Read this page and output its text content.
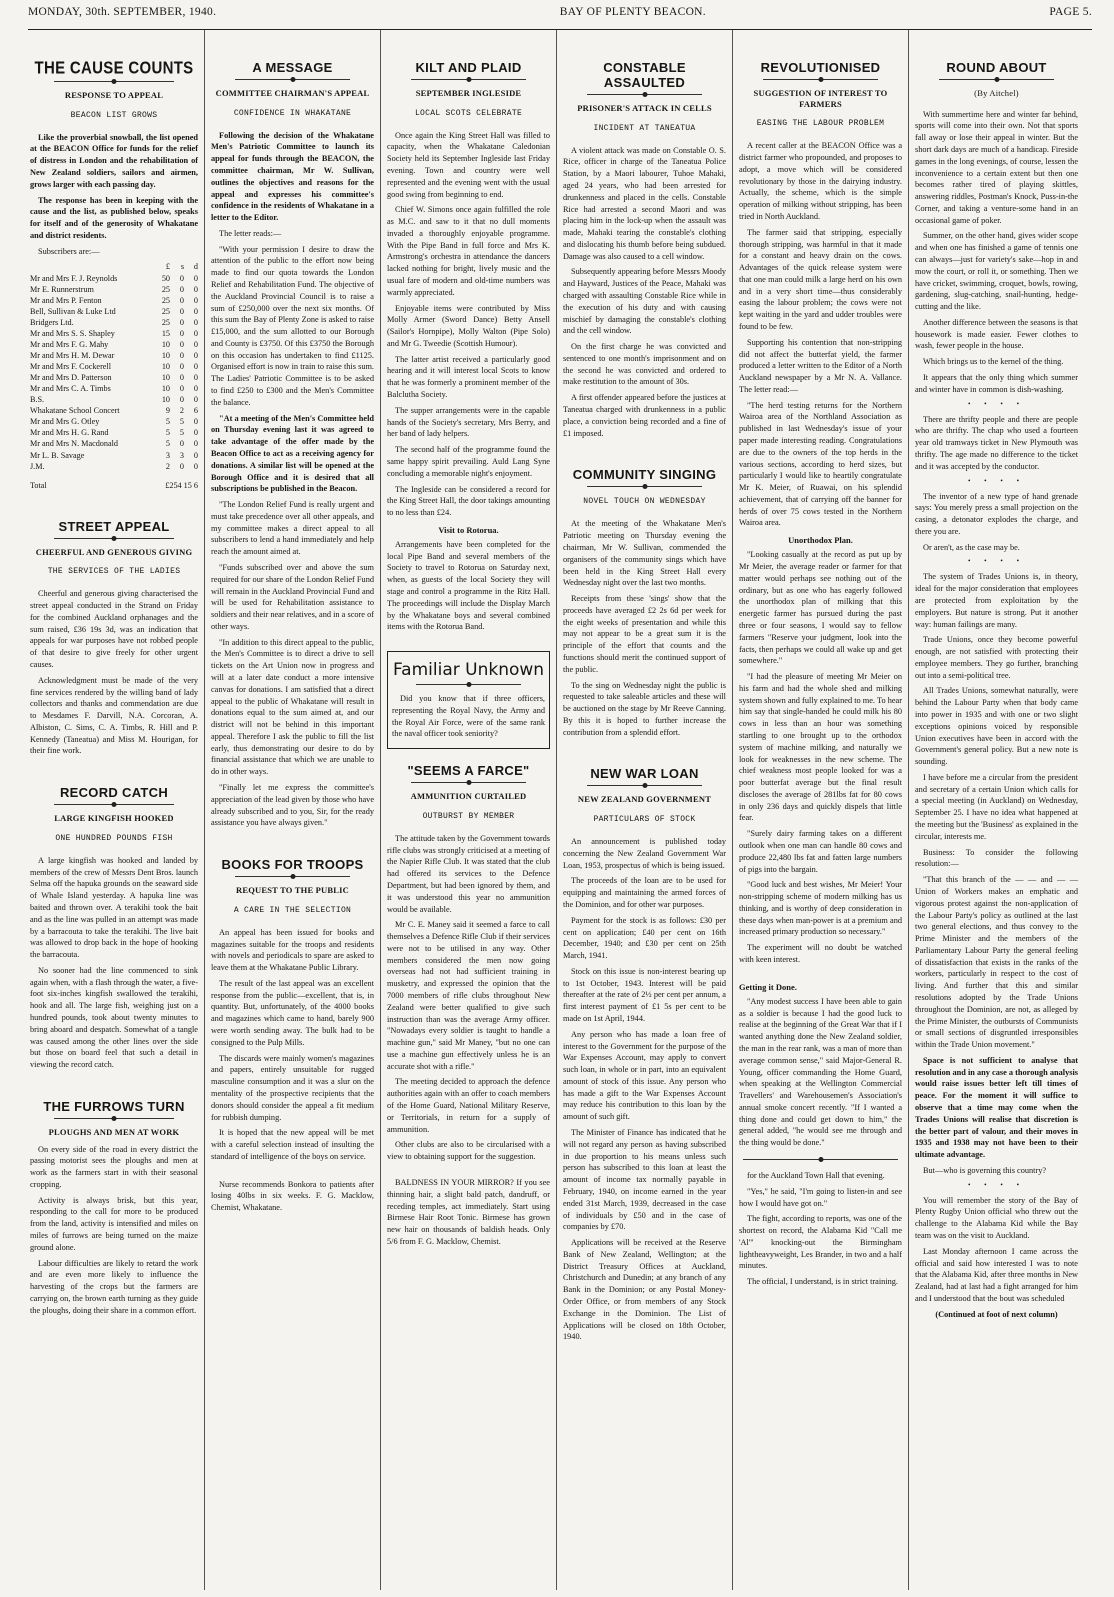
MONDAY, 30th. SEPTEMBER, 1940.	BAY OF PLENTY BEACON.	PAGE 5.
THE CAUSE COUNTS
RESPONSE TO APPEAL
BEACON LIST GROWS

Like the proverbial snowball, the list opened at the BEACON Office for funds for the relief of distress in London and the rehabilitation of New Zealand soldiers, sailors and airmen, grows larger with each passing day.

The response has been in keeping with the cause and the list, as published below, speaks for itself and of the generosity of Whakatane and district residents.

Subscribers are:—

	£	s	d
Mr and Mrs F. J. Reynolds	50	0	0
Mr E. Runnerstrum	25	0	0
Mr and Mrs P. Fenton	25	0	0
Bell, Sullivan & Luke Ltd	25	0	0
Bridgers Ltd.	25	0	0
Mr and Mrs S. S. Shapley	15	0	0
Mr and Mrs F. G. Mahy	10	0	0
Mr and Mrs H. M. Dewar	10	0	0
Mr and Mrs F. Cockerell	10	0	0
Mr and Mrs D. Patterson	10	0	0
Mr and Mrs C. A. Timbs	10	0	0
B.S.	10	0	0
Whakatane School Concert	9	2	6
Mr and Mrs G. Otley	5	5	0
Mr and Mrs H. G. Rand	5	5	0
Mr and Mrs N. Macdonald	5	0	0
Mr L. B. Savage	3	3	0
J.M.	2	0	0
Total	£254 15 6		
STREET APPEAL
CHEERFUL AND GENEROUS GIVING
THE SERVICES OF THE LADIES

Cheerful and generous giving characterised the street appeal conducted in the Strand on Friday for the combined Auckland orphanages and the sum raised, £36 19s 3d, was an indication that appeals for war purposes have not robbed people of that desire to give freely for other urgent causes.

Acknowledgment must be made of the very fine services rendered by the willing band of lady collectors and thanks and commendation are due to Mesdames F. Darvill, N.A. Corcoran, A. Albiston, C. Sims, C. A. Timbs, R. Hill and P. Kennedy (Taneatua) and Miss M. Hourigan, for their fine work.

RECORD CATCH
LARGE KINGFISH HOOKED
ONE HUNDRED POUNDS FISH

A large kingfish was hooked and landed by members of the crew of Messrs Dent Bros. launch Selma off the hapuka grounds on the seaward side of Whale Island yesterday. A hapuka line was baited and thrown over. A terakihi took the bait and as the line was pulled in an attempt was made by a barracouta to take the terakihi. The live bait was allowed to drop back in the hope of hooking the barracouta.

No sooner had the line commenced to sink again when, with a flash through the water, a five-foot six-inches kingfish swallowed the terakihi, hook and all. The large fish, weighing just on a hundred pounds, took about twenty minutes to bring aboard and despatch. Somewhat of a tangle was caused among the other lines over the side but those on board feel that such a detail in viewing the record catch.

THE FURROWS TURN
PLOUGHS AND MEN AT WORK

On every side of the road in every district the passing motorist sees the ploughs and men at work as the farmers start in with their seasonal cropping.

Activity is always brisk, but this year, responding to the call for more to be produced from the land, activity is intensified and miles on miles of furrows are being turned on the maize ground alone.

Labour difficulties are likely to retard the work and are even more likely to influence the harvesting of the crops but the farmers are carrying on, the brown earth turning as they guide the ploughs, doing their share in a common effort.

A MESSAGE
COMMITTEE CHAIRMAN'S APPEAL
CONFIDENCE IN WHAKATANE

Following the decision of the Whakatane Men's Patriotic Committee to launch its appeal for funds through the BEACON, the committee chairman, Mr W. Sullivan, outlines the objectives and reasons for the appeal and expresses his committee's confidence in the residents of Whakatane in a letter to the Editor.

The letter reads:—

"With your permission I desire to draw the attention of the public to the effort now being made to find our quota towards the London Relief and Rehabilitation Fund. The objective of the Auckland Provincial Council is to raise a sum of £250,000 over the next six months. Of this sum the Bay of Plenty Zone is asked to raise £15,000, and the sum allotted to our Borough and County is £3750. Of this £3750 the Borough on this occasion has undertaken to find £1125. Organised effort is now in train to raise this sum. The Ladies' Patriotic Committee is to be asked to find £250 to £300 and the Men's Committee the balance.

"At a meeting of the Men's Committee held on Thursday evening last it was agreed to take advantage of the offer made by the Beacon Office to act as a receiving agency for donations. A similar list will be opened at the Borough Office and it is desired that all subscriptions be published in the Beacon.

"The London Relief Fund is really urgent and must take precedence over all other appeals, and my committee makes a direct appeal to all subscribers to lend a hand immediately and help reach the amount aimed at.

"Funds subscribed over and above the sum required for our share of the London Relief Fund will remain in the Auckland Provincial Fund and will be used for Rehabilitation assistance to soldiers and their near relatives, and in a score of other ways.

"In addition to this direct appeal to the public, the Men's Committee is to direct a drive to sell tickets on the Art Union now in progress and will at a later date conduct a more intensive canvas for donations. I am satisfied that a direct appeal to the public of Whakatane will result in donations equal to the sum aimed at, and our district will not be behind in this important appeal. Therefore I ask the public to fill the list early, thus demonstrating our desire to do by financial assistance that which we are unable to do in other ways.

"Finally let me express the committee's appreciation of the lead given by those who have already subscribed and to you, Sir, for the ready assistance you have always given."

BOOKS FOR TROOPS
REQUEST TO THE PUBLIC
A CARE IN THE SELECTION

An appeal has been issued for books and magazines suitable for the troops and residents with novels and periodicals to spare are asked to leave them at the Whakatane Public Library.

The result of the last appeal was an excellent response from the public—excellent, that is, in quantity. But, unfortunately, of the 4000 books and magazines which came to hand, barely 900 were worth sending away. The bulk had to be consigned to the Pulp Mills.

The discards were mainly women's magazines and papers, entirely unsuitable for rugged masculine consumption and it was a slur on the mentality of the prospective recipients that the donors should consider the appeal a fit medium for rubbish dumping.

It is hoped that the new appeal will be met with a careful selection instead of insulting the standard of intelligence of the boys on service.

Nurse recommends Bonkora to patients after losing 40lbs in six weeks. F. G. Macklow, Chemist, Whakatane.

KILT AND PLAID
SEPTEMBER INGLESIDE
LOCAL SCOTS CELEBRATE

Once again the King Street Hall was filled to capacity, when the Whakatane Caledonian Society held its September Ingleside last Friday evening. Town and country were well represented and the evening went with the usual good swing from beginning to end.

Chief W. Simons once again fulfilled the role as M.C. and saw to it that no dull moments invaded a thoroughly enjoyable programme. With the Pipe Band in full force and Mrs K. Armstrong's orchestra in attendance the dancers lacked nothing for bright, lively music and the usual fare of modern and old-time numbers was warmly appreciated.

Enjoyable items were contributed by Miss Molly Armer (Sword Dance) Betty Ansell (Sailor's Hornpipe), Molly Walton (Pipe Solo) and Mr G. Tweedie (Scottish Humour).

The latter artist received a particularly good hearing and it will interest local Scots to know that he was formerly a prominent member of the Balclutha Society.

The supper arrangements were in the capable hands of the Society's secretary, Mrs Berry, and her band of lady helpers.

The second half of the programme found the same happy spirit prevailing. Auld Lang Syne concluding a memorable night's enjoyment.

The Ingleside can be considered a record for the King Street Hall, the door takings amounting to no less than £24.

Visit to Rotorua.

Arrangements have been completed for the local Pipe Band and several members of the Society to travel to Rotorua on Saturday next, when, as guests of the local Society they will stage and control a programme in the Ritz Hall. The proceedings will include the Display March by the Whakatane boys and several combined items with the Rotorua Band.

Familiar Unknown

Did you know that if three officers, representing the Royal Navy, the Army and the Royal Air Force, were of the same rank the naval officer took seniority?

"SEEMS A FARCE"
AMMUNITION CURTAILED
OUTBURST BY MEMBER

The attitude taken by the Government towards rifle clubs was strongly criticised at a meeting of the Napier Rifle Club. It was stated that the club had offered its services to the Defence Department, but had been ignored by them, and it was understood this year no ammunition would be available.

Mr C. E. Maney said it seemed a farce to call themselves a Defence Rifle Club if their services were not to be utilised in any way. Other members considered the men now going overseas had not had sufficient training in musketry, and expressed the opinion that the 7000 members of rifle clubs throughout New Zealand were better qualified to give such instruction than was the average Army officer. "Nowadays every soldier is taught to handle a machine gun," said Mr Maney, "but no one can use a machine gun effectively unless he is an accurate shot with a rifle."

The meeting decided to approach the defence authorities again with an offer to coach members of the Home Guard, National Military Reserve, or Territorials, in return for a supply of ammunition.

Other clubs are also to be circularised with a view to obtaining support for the suggestion.

BALDNESS IN YOUR MIRROR? If you see thinning hair, a slight bald patch, dandruff, or receding temples, act immediately. Start using Birmese Hair Root Tonic. Birmese has grown new hair on thousands of baldish heads. Only 5/6 from F. G. Macklow, Chemist.

CONSTABLE ASSAULTED
PRISONER'S ATTACK IN CELLS
INCIDENT AT TANEATUA

A violent attack was made on Constable O. S. Rice, officer in charge of the Taneatua Police Station, by a Maori labourer, Tuhoe Mahaki, aged 24 years, who had been arrested for drunkenness and placed in the cells. Constable Rice had arrested a second Maori and was placing him in the lock-up when the assault was made, Mahaki tearing the constable's clothing and dislocating his thumb before being subdued. Damage was also caused to a cell window.

Subsequently appearing before Messrs Moody and Hayward, Justices of the Peace, Mahaki was charged with assaulting Constable Rice while in the execution of his duty and with causing mischief by damaging the constable's clothing and the cell window.

On the first charge he was convicted and sentenced to one month's imprisonment and on the second he was convicted and ordered to make restitution to the amount of 30s.

A first offender appeared before the justices at Taneatua charged with drunkenness in a public place, a conviction being recorded and a fine of £1 imposed.

COMMUNITY SINGING
NOVEL TOUCH ON WEDNESDAY

At the meeting of the Whakatane Men's Patriotic meeting on Thursday evening the chairman, Mr W. Sullivan, commended the organisers of the community sings which have been held in the King Street Hall every Wednesday night over the last two months.

Receipts from these 'sings' show that the proceeds have averaged £2 2s 6d per week for the eight weeks of presentation and while this may not appear to be a great sum it is the principle of the effort that counts and the functions should merit the continued support of the public.

To the sing on Wednesday night the public is requested to take saleable articles and these will be auctioned on the stage by Mr Reeve Canning. By this it is hoped to further increase the contribution from a splendid effort.

NEW WAR LOAN
NEW ZEALAND GOVERNMENT
PARTICULARS OF STOCK

An announcement is published today concerning the New Zealand Government War Loan, 1953, prospectus of which is being issued.

The proceeds of the loan are to be used for equipping and maintaining the armed forces of the Dominion, and for other war purposes.

Payment for the stock is as follows: £30 per cent on application; £40 per cent on 16th December, 1940; and £30 per cent on 25th March, 1941.

Stock on this issue is non-interest bearing up to 1st October, 1943. Interest will be paid thereafter at the rate of 2½ per cent per annum, a first interest payment of £1 5s per cent to be made on 1st April, 1944.

Any person who has made a loan free of interest to the Government for the purpose of the War Expenses Account, may apply to convert such loan, in whole or in part, into an equivalent amount of stock of this issue. Any person who has made a gift to the War Expenses Account may reduce his contribution to this loan by the amount of such gift.

The Minister of Finance has indicated that he will not regard any person as having subscribed in due proportion to his means unless such person has subscribed to this loan at least the amount of income tax normally payable in February, 1940, on income earned in the year ended 31st March, 1939, decreased in the case of individuals by £50 and in the case of companies by £70.

Applications will be received at the Reserve Bank of New Zealand, Wellington; at the District Treasury Offices at Auckland, Christchurch and Dunedin; at any branch of any Bank in the Dominion; or any Postal Money-Order Office, or from members of any Stock Exchange in the Dominion. The List of Applications will be closed on 18th October, 1940.

REVOLUTIONISED
SUGGESTION OF INTEREST TO FARMERS
EASING THE LABOUR PROBLEM

A recent caller at the BEACON Office was a district farmer who propounded, and proposes to adopt, a move which will be considered revolutionary by those in the dairying industry. Actually, the scheme, which is the simple operation of milking without stripping, has been tried in North Auckland.

The farmer said that stripping, especially thorough stripping, was harmful in that it made for a constant and heavy drain on the cows. Advantages of the quick release system were that one man could milk a large herd on his own and in a very short time—thus considerably easing the labour problem; the cows were not kept waiting in the yard and udder troubles were found to be few.

Supporting his contention that non-stripping did not affect the butterfat yield, the farmer produced a letter written to the Editor of a North Auckland newspaper by a Mr N. A. Vallance. The letter read:—

"The herd testing returns for the Northern Wairoa area of the Northland Association as published in last Wednesday's issue of your paper made interesting reading. Congratulations are due to the owners of the top herds in the various sections, according to herd sizes, but particularly I would like to heartily congratulate Mr K. Meier, of Ruawai, on his splendid achievement, that of carrying off the banner for herds of over 75 cows tested in the Northern Wairoa area.

Unorthodox Plan.

"Looking casually at the record as put up by Mr Meier, the average reader or farmer for that matter would perhaps see nothing out of the ordinary, but as one who has eagerly followed the unorthodox plan of milking that this energetic farmer has pursued during the past three or four seasons, I would say to fellow farmers "Reserve your judgment, look into the facts, then perhaps we could all wake up and get somewhere."

"I had the pleasure of meeting Mr Meier on his farm and had the whole shed and milking system shown and fully explained to me. To hear him say that single-handed he could milk his 80 cows in less than an hour was something startling to one brought up to the orthodox system of machine milking, and naturally we look for weaknesses in the new scheme. The chief weakness most people looked for was a poor butterfat average but the final result discloses the average of 281lbs fat for 80 cows in only 236 days and quickly dispels that little fear.

"Surely dairy farming takes on a different outlook when one man can handle 80 cows and produce 22,480 lbs fat and fatten large numbers of pigs into the bargain.

"Good luck and best wishes, Mr Meier! Your non-stripping scheme of modern milking has us thinking, and is worthy of deep consideration in these days when man-power is at a premium and increased primary production so necessary."

The experiment will no doubt be watched with keen interest.

Getting it Done.

"Any modest success I have been able to gain as a soldier is because I had the good luck to realise at the beginning of the Great War that if I wanted anything done the New Zealand soldier, the man in the rear rank, was a man of more than average common sense," said Major-General R. Young, officer commanding the Home Guard, when speaking at the Wellington Commercial Travellers' and Warehousemen's Association's annual smoke concert recently. "If I wanted a thing done and could get down to him," the general added, "he would see me through and the thing would be done."

for the Auckland Town Hall that evening.

"Yes," he said, "I'm going to listen-in and see how I would have got on."

The fight, according to reports, was one of the shortest on record, the Alabama Kid "Call me 'Al'" knocking-out the Birmingham lightheavyweight, Les Brander, in two and a half minutes.

The official, I understand, is in strict training.

ROUND ABOUT
(By Aitchel)

With summertime here and winter far behind, sports will come into their own. Not that sports fall away or lose their appeal in winter. But the short dark days are much of a handicap. Fireside games in the long evenings, of course, lessen the inconvenience to a certain extent but then one becomes rather tired of playing skittles, answering riddles, Postman's Knock, Puss-in-the Corner, and taking a venture-some hand in an occasional game of poker.

Summer, on the other hand, gives wider scope and when one has finished a game of tennis one can always—just for variety's sake—hop in and mow the court, or roll it, or something. Then we have cricket, swimming, croquet, bowls, rowing, gardening, slug-catching, snail-hunting, hedge-cutting and the like.

Another difference between the seasons is that housework is made easier. Fewer clothes to wash, fewer people in the house.

Which brings us to the kernel of the thing.

It appears that the only thing which summer and winter have in common is dish-washing.

• • • •

There are thrifty people and there are people who are thrifty. The chap who used a fourteen year old tramways ticket in New Plymouth was thrifty. The age made no difference to the ticket and it was accepted by the conductor.

• • • •

The inventor of a new type of hand grenade says: You merely press a small projection on the casing, a detonator explodes the charge, and there you are.

Or aren't, as the case may be.

• • • •

The system of Trades Unions is, in theory, ideal for the major consideration that employees are protected from exploitation by the employers. But nature is strong. Put it another way: human failings are many.

Trade Unions, once they become powerful enough, are not satisfied with protecting their employee members. They go further, branching out into a semi-political tree.

All Trades Unions, somewhat naturally, were behind the Labour Party when that body came into power in 1935 and with one or two slight exceptions opinions voiced by responsible Union executives have been in accord with the Government's general policy. But a new note is sounding.

I have before me a circular from the president and secretary of a certain Union which calls for a special meeting (in Auckland) on Wednesday, September 25. I have no idea what happened at the meeting but the 'Business' as explained in the circular, interests me.

Business: To consider the following resolution:—

"That this branch of the — — and — — Union of Workers makes an emphatic and vigorous protest against the non-application of the Labour Party's policy as outlined at the last two general elections, and thus convey to the Prime Minister and the members of the Parliamentary Labour Party the general feeling of dissatisfaction that exists in the ranks of the workers, particularly in respect to the cost of living. And further that this and similar resolutions adopted by the Trade Unions throughout the Dominion, are not, as alleged by the Prime Minister, the outbursts of Communists or small sections of disgruntled irresponsibles within the Trade Union movement."

Space is not sufficient to analyse that resolution and in any case a thorough analysis would raise issues better left till times of peace. For the moment it will suffice to observe that a time may come when the Trades Unions will realise that discretion is the better part of valour, and their moves in 1935 and 1938 may not have been to their ultimate advantage.

But—who is governing this country?

• • • •

You will remember the story of the Bay of Plenty Rugby Union official who threw out the challenge to the Alabama Kid while the Bay team was on the visit to Auckland.

Last Monday afternoon I came across the official and said how interested I was to note that the Alabama Kid, after three months in New Zealand, had at last had a fight arranged for him and I understood that the bout was scheduled

(Continued at foot of next column)
